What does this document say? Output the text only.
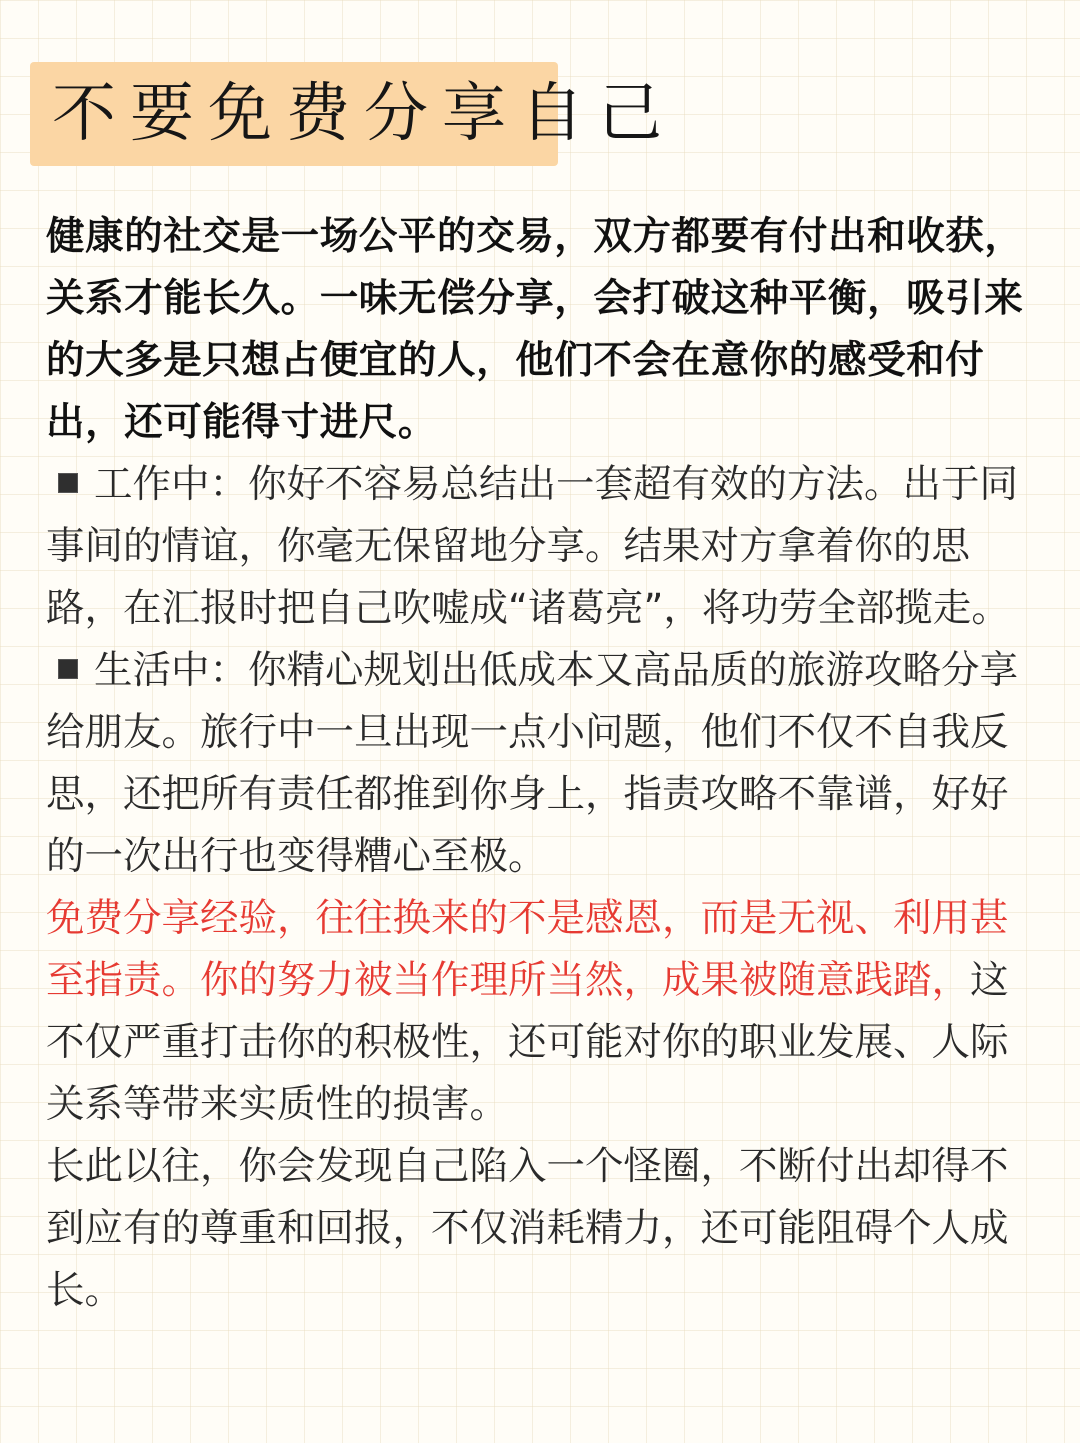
不要免费分享自己

健康的社交是一场公平的交易，双方都要有付出和收获，关系才能长久。一味无偿分享，会打破这种平衡，吸引来的大多是只想占便宜的人，他们不会在意你的感受和付出，还可能得寸进尺。

工作中：你好不容易总结出一套超有效的方法。出于同事间的情谊，你毫无保留地分享。结果对方拿着你的思路，在汇报时把自己吹嘘成“诸葛亮”，将功劳全部揽走。

生活中：你精心规划出低成本又高品质的旅游攻略分享给朋友。旅行中一旦出现一点小问题，他们不仅不自我反思，还把所有责任都推到你身上，指责攻略不靠谱，好好的一次出行也变得糟心至极。

免费分享经验，往往换来的不是感恩，而是无视、利用甚至指责。你的努力被当作理所当然，成果被随意践踏，这不仅严重打击你的积极性，还可能对你的职业发展、人际关系等带来实质性的损害。

长此以往，你会发现自己陷入一个怪圈，不断付出却得不到应有的尊重和回报，不仅消耗精力，还可能阻碍个人成长。
